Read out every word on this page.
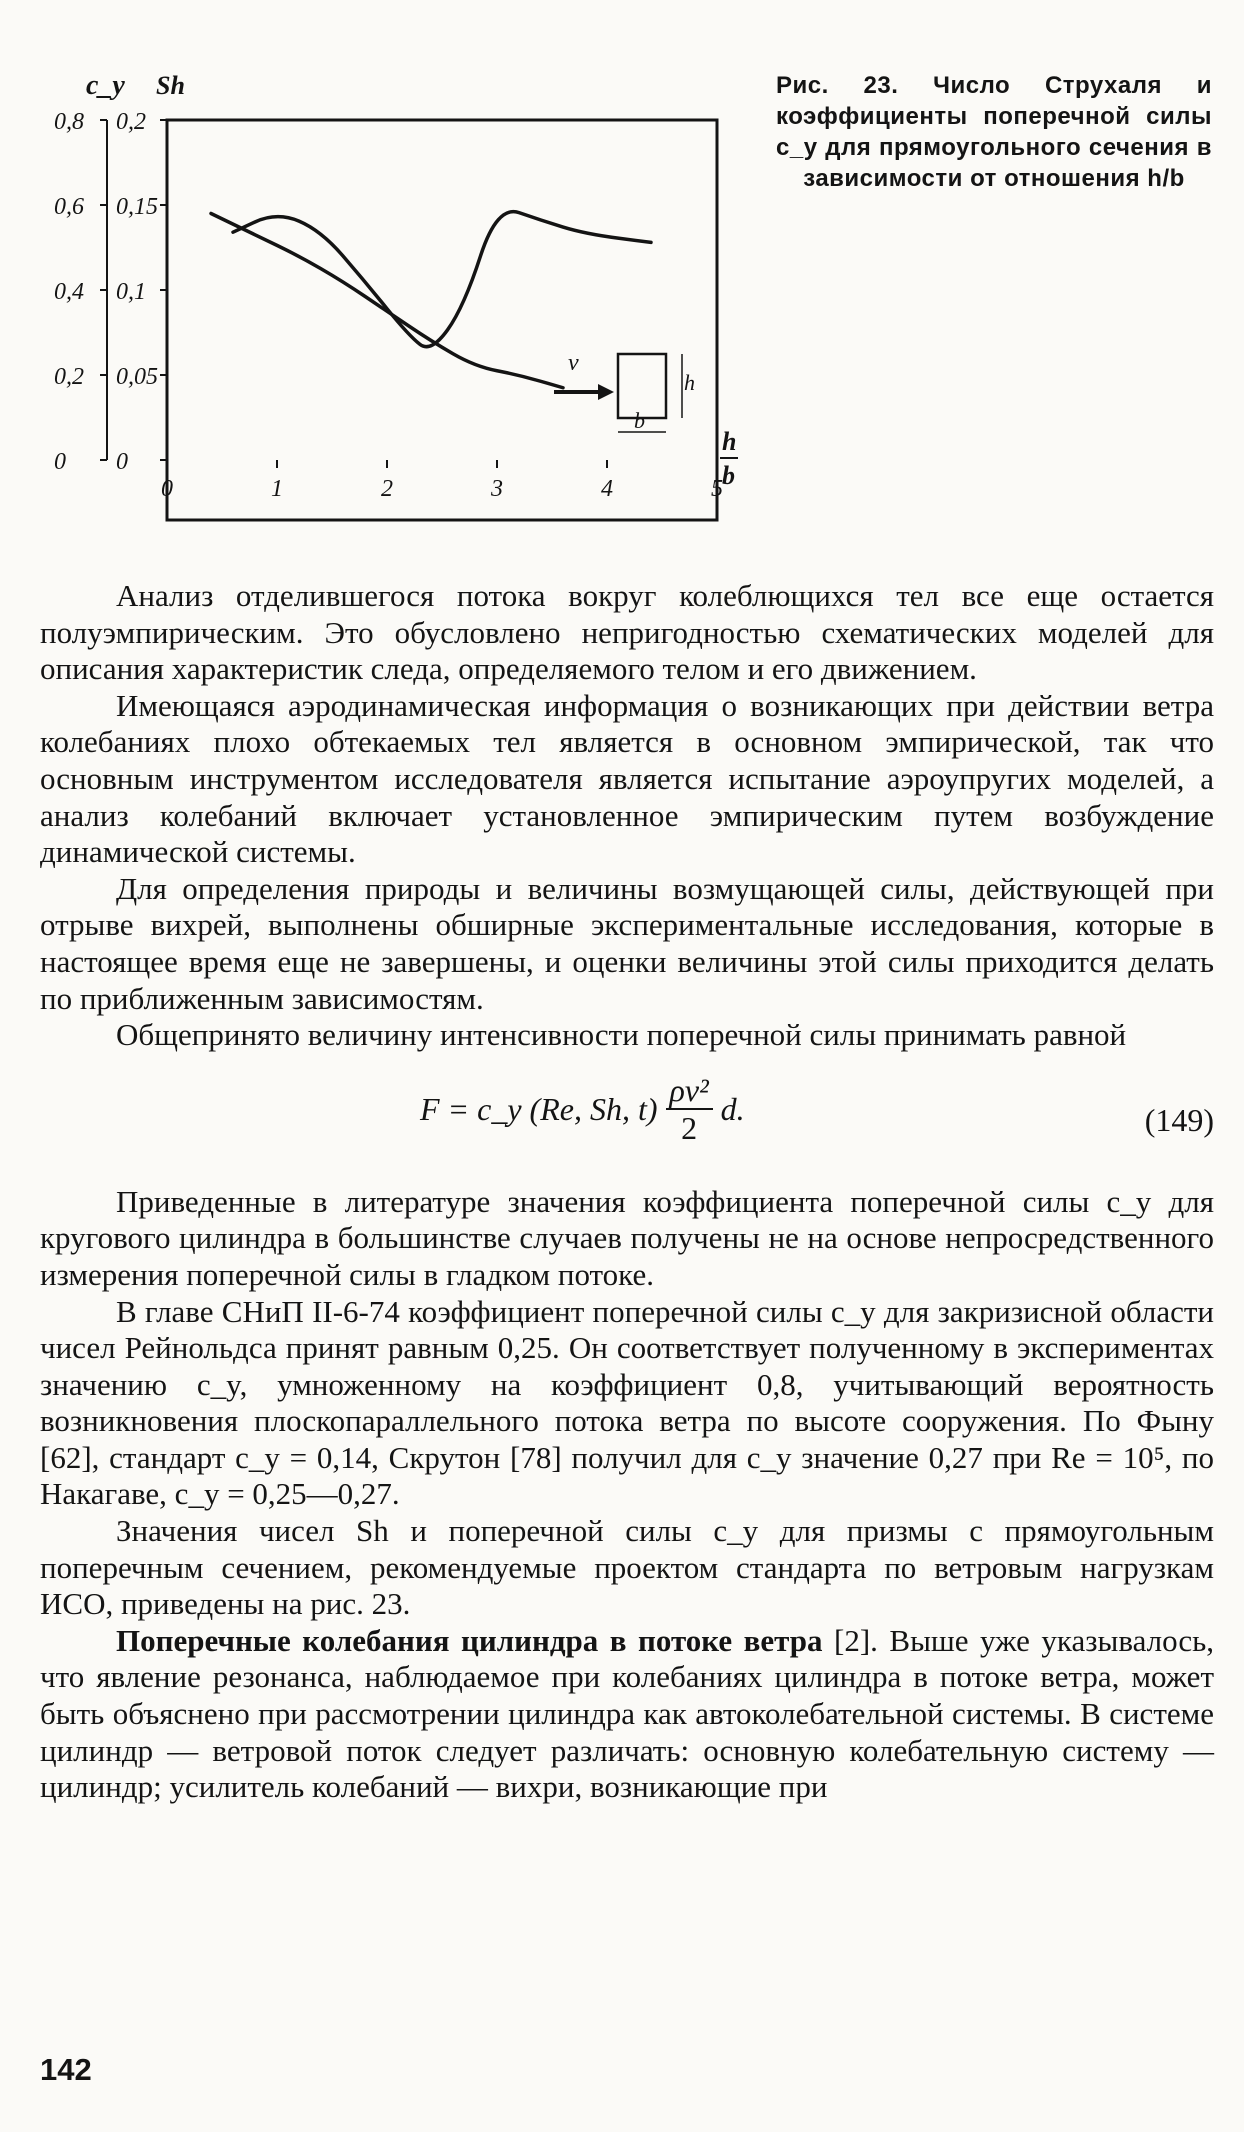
c_y Sh
0,8
0,6
0,4
0,2
0
0,2
0,15
0,1
0,05
0
0	1	2	3	4	5
v
h
b
h
b
Рис. 23. Число Струхаля и коэффициенты поперечной силы c_y для прямоугольного сечения в зависимости от отношения h/b

Анализ отделившегося потока вокруг колеблющихся тел все еще остается полуэмпирическим. Это обусловлено непригодностью схематических моделей для описания характеристик следа, определяемого телом и его движением.

Имеющаяся аэродинамическая информация о возникающих при действии ветра колебаниях плохо обтекаемых тел является в основном эмпирической, так что основным инструментом исследователя является испытание аэроупругих моделей, а анализ колебаний включает установленное эмпирическим путем возбуждение динамической системы.

Для определения природы и величины возмущающей силы, действующей при отрыве вихрей, выполнены обширные экспериментальные исследования, которые в настоящее время еще не завершены, и оценки величины этой силы приходится делать по приближенным зависимостям.

Общепринято величину интенсивности поперечной силы принимать равной

F = c_y (Re, Sh, $t) \frac{\text{ρv²}}{2} d$.	(149)

Приведенные в литературе значения коэффициента поперечной силы c_y для кругового цилиндра в большинстве случаев получены не на основе непросредственного измерения поперечной силы в гладком потоке.

В главе СНиП II-6-74 коэффициент поперечной силы c_y для закризисной области чисел Рейнольдса принят равным 0,25. Он соответствует полученному в экспериментах значению c_y, умноженному на коэффициент 0,8, учитывающий вероятность возникновения плоскопараллельного потока ветра по высоте сооружения. По Фыну [62], стандарт c_y = 0,14, Скрутон [78] получил для c_y значение 0,27 при Re = 10⁵, по Накагаве, c_y = 0,25—0,27.

Значения чисел Sh и поперечной силы c_y для призмы с прямоугольным поперечным сечением, рекомендуемые проектом стандарта по ветровым нагрузкам ИСО, приведены на рис. 23.

Поперечные колебания цилиндра в потоке ветра [2]. Выше уже указывалось, что явление резонанса, наблюдаемое при колебаниях цилиндра в потоке ветра, может быть объяснено при рассмотрении цилиндра как автоколебательной системы. В системе цилиндр — ветровой поток следует различать: основную колебательную систему — цилиндр; усилитель колебаний — вихри, возникающие при

142
